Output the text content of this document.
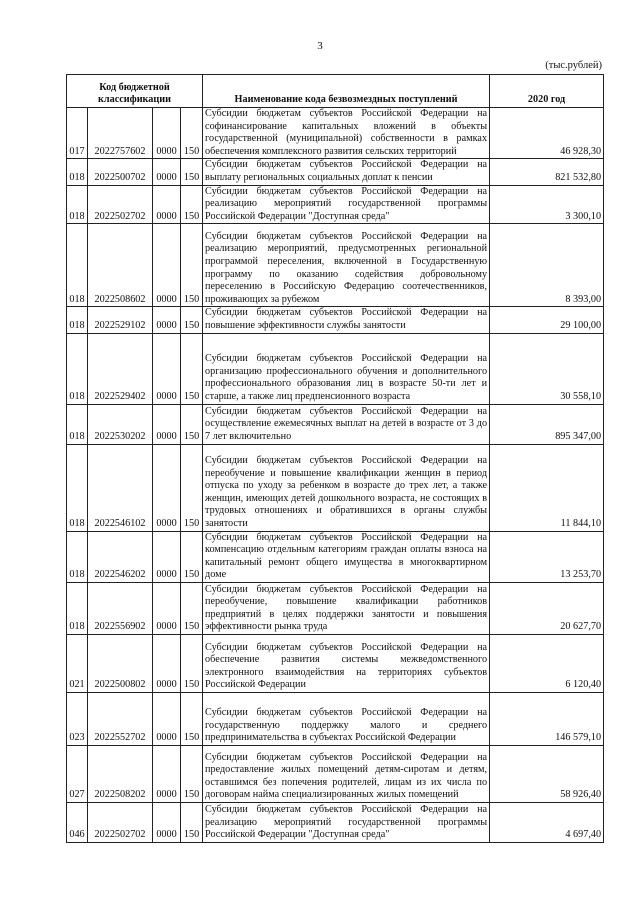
3
(тыс.рублей)
Код бюджетной классификации				Наименование кода безвозмездных поступлений	2020 год
017	2022757602	0000	150	Субсидии бюджетам субъектов Российской Федерации на софинансирование капитальных вложений в объекты государственной (муниципальной) собственности в рамках обеспечения комплексного развития сельских территорий	46 928,30
018	2022500702	0000	150	Субсидии бюджетам субъектов Российской Федерации на выплату региональных социальных доплат к пенсии	821 532,80
018	2022502702	0000	150	Субсидии бюджетам субъектов Российской Федерации на реализацию мероприятий государственной программы Российской Федерации "Доступная среда"	3 300,10
018	2022508602	0000	150	Субсидии бюджетам субъектов Российской Федерации на реализацию мероприятий, предусмотренных региональной программой переселения, включенной в Государственную программу по оказанию содействия добровольному переселению в Российскую Федерацию соотечественников, проживающих за рубежом	8 393,00
018	2022529102	0000	150	Субсидии бюджетам субъектов Российской Федерации на повышение эффективности службы занятости	29 100,00
018	2022529402	0000	150	Субсидии бюджетам субъектов Российской Федерации на организацию профессионального обучения и дополнительного профессионального образования лиц в возрасте 50-ти лет и старше, а также лиц предпенсионного возраста	30 558,10
018	2022530202	0000	150	Субсидии бюджетам субъектов Российской Федерации на осуществление ежемесячных выплат на детей в возрасте от 3 до 7 лет включительно	895 347,00
018	2022546102	0000	150	Субсидии бюджетам субъектов Российской Федерации на переобучение и повышение квалификации женщин в период отпуска по уходу за ребенком в возрасте до трех лет, а также женщин, имеющих детей дошкольного возраста, не состоящих в трудовых отношениях и обратившихся в органы службы занятости	11 844,10
018	2022546202	0000	150	Субсидии бюджетам субъектов Российской Федерации на компенсацию отдельным категориям граждан оплаты взноса на капитальный ремонт общего имущества в многоквартирном доме	13 253,70
018	2022556902	0000	150	Субсидии бюджетам субъектов Российской Федерации на переобучение, повышение квалификации работников предприятий в целях поддержки занятости и повышения эффективности рынка труда	20 627,70
021	2022500802	0000	150	Субсидии бюджетам субъектов Российской Федерации на обеспечение развития системы межведомственного электронного взаимодействия на территориях субъектов Российской Федерации	6 120,40
023	2022552702	0000	150	Субсидии бюджетам субъектов Российской Федерации на государственную поддержку малого и среднего предпринимательства в субъектах Российской Федерации	146 579,10
027	2022508202	0000	150	Субсидии бюджетам субъектов Российской Федерации на предоставление жилых помещений детям-сиротам и детям, оставшимся без попечения родителей, лицам из их числа по договорам найма специализированных жилых помещений	58 926,40
046	2022502702	0000	150	Субсидии бюджетам субъектов Российской Федерации на реализацию мероприятий государственной программы Российской Федерации "Доступная среда"	4 697,40
